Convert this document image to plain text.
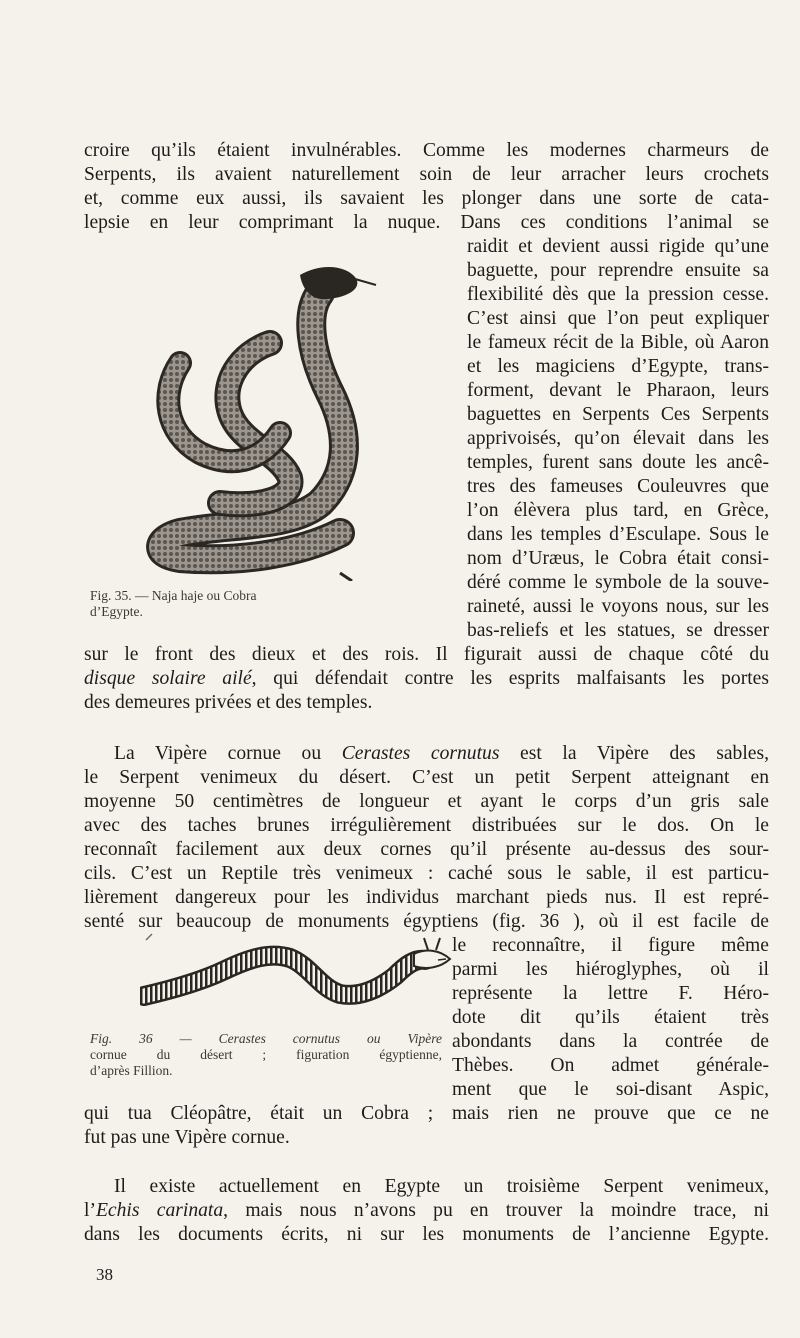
croire qu’ils étaient invulnérables. Comme les modernes charmeurs de
Serpents, ils avaient naturellement soin de leur arracher leurs crochets
et, comme eux aussi, ils savaient les plonger dans une sorte de cata-
lepsie en leur comprimant la nuque. Dans ces conditions l’animal se
raidit et devient aussi rigide qu’une
baguette, pour reprendre ensuite sa
flexibilité dès que la pression cesse.
C’est ainsi que l’on peut expliquer
le fameux récit de la Bible, où Aaron
et les magiciens d’Egypte, trans-
forment, devant le Pharaon, leurs
baguettes en Serpents Ces Serpents
apprivoisés, qu’on élevait dans les
temples, furent sans doute les ancê-
tres des fameuses Couleuvres que
l’on élèvera plus tard, en Grèce,
dans les temples d’Esculape. Sous le
nom d’Uræus, le Cobra était consi-
déré comme le symbole de la souve-
raineté, aussi le voyons nous, sur les
bas-reliefs et les statues, se dresser
sur le front des dieux et des rois. Il figurait aussi de chaque côté du
disque solaire ailé, qui défendait contre les esprits malfaisants les portes
des demeures privées et des temples.
Fig. 35. — Naja haje ou Cobra
d’Egypte.
La Vipère cornue ou Cerastes cornutus est la Vipère des sables,
le Serpent venimeux du désert. C’est un petit Serpent atteignant en
moyenne 50 centimètres de longueur et ayant le corps d’un gris sale
avec des taches brunes irrégulièrement distribuées sur le dos. On le
reconnaît facilement aux deux cornes qu’il présente au-dessus des sour-
cils. C’est un Reptile très venimeux : caché sous le sable, il est particu-
lièrement dangereux pour les individus marchant pieds nus. Il est repré-
senté sur beaucoup de monuments égyptiens (fig. 36 ), où il est facile de
le reconnaître, il figure même
parmi les hiéroglyphes, où il
représente la lettre F. Héro-
dote dit qu’ils étaient très
abondants dans la contrée de
Thèbes. On admet générale-
ment que le soi-disant Aspic,
qui tua Cléopâtre, était un Cobra ; mais rien ne prouve que ce ne
fut pas une Vipère cornue.
Fig. 36 — Cerastes cornutus ou Vipère
cornue du désert ; figuration égyptienne,
d’après Fillion.
Il existe actuellement en Egypte un troisième Serpent venimeux,
l’Echis carinata, mais nous n’avons pu en trouver la moindre trace, ni
dans les documents écrits, ni sur les monuments de l’ancienne Egypte.
38
